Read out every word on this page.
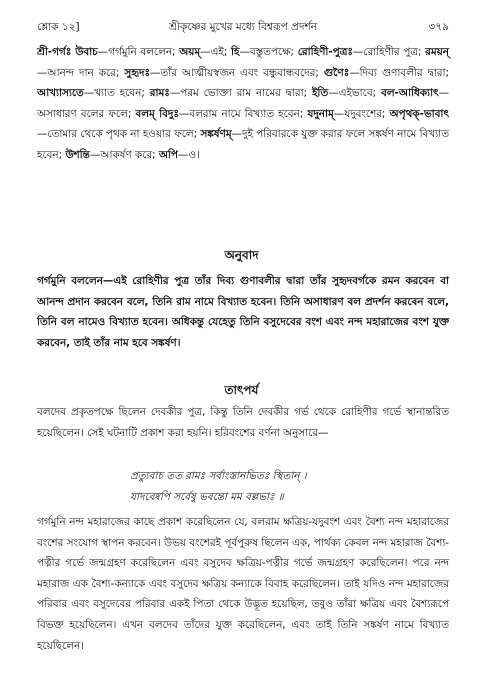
শ্লোক ১২]	শ্রীকৃষ্ণের মুখের মধ্যে বিশ্বরূপ প্রদর্শন	৩৭৯

শ্রী-গর্গঃ উবাচ—গর্গমুনি বললেন; অয়ম্—এই; হি—বস্তুতপক্ষে; রোহিণী-পুত্রঃ—রোহিণীর পুত্র; রময়ন্—আনন্দ দান করে; সুহৃদঃ—তাঁর আত্মীয়স্বজন এবং বন্ধুবান্ধবদের; গুণৈঃ—দিব্য গুণাবলীর দ্বারা; আখ্যাস্যতে—খ্যাত হবেন; রামঃ—পরম ভোক্তা রাম নামের দ্বারা; ইতি—এইভাবে; বল-আধিক্যাৎ—অসাধারণ বলের ফলে; বলম্ বিদুঃ—বলরাম নামে বিখ্যাত হবেন; যদুনাম্—যদুবংশের; অপৃথক্-ভাবাৎ—তোমার থেকে পৃথক না হওয়ার ফলে; সঙ্কর্ষণম্—দুই পরিবারকে যুক্ত করার ফলে সঙ্কর্ষণ নামে বিখ্যাত হবেন; উশন্তি—আকর্ষণ করে; অপি—ও।

অনুবাদ

গর্গমুনি বললেন—এই রোহিণীর পুত্র তাঁর দিব্য গুণাবলীর দ্বারা তাঁর সুহৃদবর্গকে রমন করবেন বা আনন্দ প্রদান করবেন বলে, তিনি রাম নামে বিখ্যাত হবেন। তিনি অসাধারণ বল প্রদর্শন করবেন বলে, তিনি বল নামেও বিখ্যাত হবেন। অধিকন্তু যেহেতু তিনি বসুদেবের বংশ এবং নন্দ মহারাজের বংশ যুক্ত করবেন, তাই তাঁর নাম হবে সঙ্কর্ষণ।

তাৎপর্য

বলদেব প্রকৃতপক্ষে ছিলেন দেবকীর পুত্র, কিন্তু তিনি দেবকীর গর্ভ থেকে রোহিণীর গর্ভে স্থানান্তরিত হয়েছিলেন। সেই ঘটনাটি প্রকাশ করা হয়নি। হরিবংশের বর্ণনা অনুসারে—

প্রত্যুবাচ তত রামঃ সর্বাংস্তানভিতঃ স্থিতান্ ।
যাদবেষ্বপি সর্বেষু ভবন্তো মম বল্লভাঃ ॥

গর্গমুনি নন্দ মহারাজের কাছে প্রকাশ করেছিলেন যে, বলরাম ক্ষত্রিয়-যদুবংশ এবং বৈশ্য নন্দ মহারাজের বংশের সংযোগ স্থাপন করবেন। উভয় বংশেরই পূর্বপুরুষ ছিলেন এক, পার্থক্য কেবল নন্দ মহারাজ বৈশ্য-পত্নীর গর্ভে জন্মগ্রহণ করেছিলেন এবং বসুদেব ক্ষত্রিয়-পত্নীর গর্ভে জন্মগ্রহণ করেছিলেন। পরে নন্দ মহারাজ এক বৈশ্য-কন্যাকে এবং বসুদেব ক্ষত্রিয় কন্যাকে বিবাহ করেছিলেন। তাই যদিও নন্দ মহারাজের পরিবার এবং বসুদেবের পরিবার একই পিতা থেকে উদ্ভূত হয়েছিল, তবুও তাঁরা ক্ষত্রিয় এবং বৈশ্যরূপে বিভক্ত হয়েছিলেন। এখন বলদেব তাঁদের যুক্ত করেছিলেন, এবং তাই তিনি সঙ্কর্ষণ নামে বিখ্যাত হয়েছিলেন।
